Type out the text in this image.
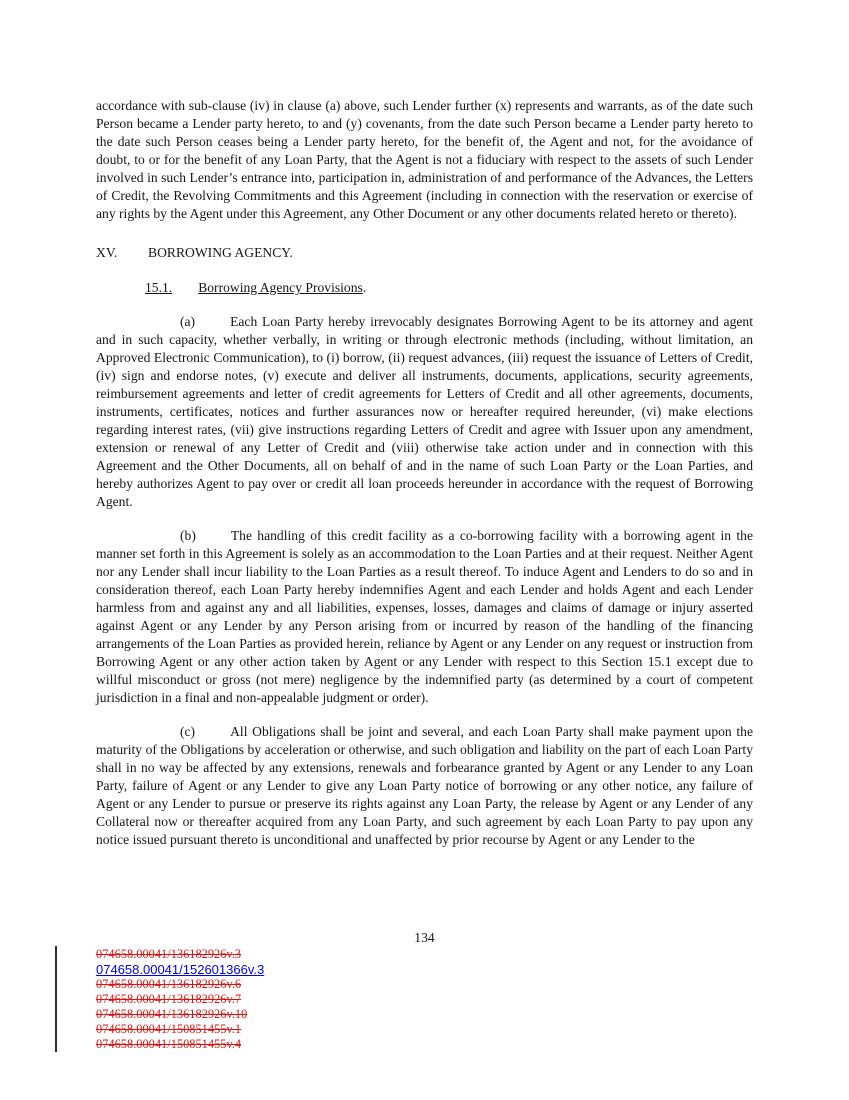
accordance with sub-clause (iv) in clause (a) above, such Lender further (x) represents and warrants, as of the date such Person became a Lender party hereto, to and (y) covenants, from the date such Person became a Lender party hereto to the date such Person ceases being a Lender party hereto, for the benefit of, the Agent and not, for the avoidance of doubt, to or for the benefit of any Loan Party, that the Agent is not a fiduciary with respect to the assets of such Lender involved in such Lender’s entrance into, participation in, administration of and performance of the Advances, the Letters of Credit, the Revolving Commitments and this Agreement (including in connection with the reservation or exercise of any rights by the Agent under this Agreement, any Other Document or any other documents related hereto or thereto).

XV. BORROWING AGENCY.

15.1. Borrowing Agency Provisions.

(a)	Each Loan Party hereby irrevocably designates Borrowing Agent to be its attorney and agent and in such capacity, whether verbally, in writing or through electronic methods (including, without limitation, an Approved Electronic Communication), to (i) borrow, (ii) request advances, (iii) request the issuance of Letters of Credit, (iv) sign and endorse notes, (v) execute and deliver all instruments, documents, applications, security agreements, reimbursement agreements and letter of credit agreements for Letters of Credit and all other agreements, documents, instruments, certificates, notices and further assurances now or hereafter required hereunder, (vi) make elections regarding interest rates, (vii) give instructions regarding Letters of Credit and agree with Issuer upon any amendment, extension or renewal of any Letter of Credit and (viii) otherwise take action under and in connection with this Agreement and the Other Documents, all on behalf of and in the name of such Loan Party or the Loan Parties, and hereby authorizes Agent to pay over or credit all loan proceeds hereunder in accordance with the request of Borrowing Agent.

(b)	The handling of this credit facility as a co-borrowing facility with a borrowing agent in the manner set forth in this Agreement is solely as an accommodation to the Loan Parties and at their request. Neither Agent nor any Lender shall incur liability to the Loan Parties as a result thereof. To induce Agent and Lenders to do so and in consideration thereof, each Loan Party hereby indemnifies Agent and each Lender and holds Agent and each Lender harmless from and against any and all liabilities, expenses, losses, damages and claims of damage or injury asserted against Agent or any Lender by any Person arising from or incurred by reason of the handling of the financing arrangements of the Loan Parties as provided herein, reliance by Agent or any Lender on any request or instruction from Borrowing Agent or any other action taken by Agent or any Lender with respect to this Section 15.1 except due to willful misconduct or gross (not mere) negligence by the indemnified party (as determined by a court of competent jurisdiction in a final and non-appealable judgment or order).

(c)	All Obligations shall be joint and several, and each Loan Party shall make payment upon the maturity of the Obligations by acceleration or otherwise, and such obligation and liability on the part of each Loan Party shall in no way be affected by any extensions, renewals and forbearance granted by Agent or any Lender to any Loan Party, failure of Agent or any Lender to give any Loan Party notice of borrowing or any other notice, any failure of Agent or any Lender to pursue or preserve its rights against any Loan Party, the release by Agent or any Lender of any Collateral now or thereafter acquired from any Loan Party, and such agreement by each Loan Party to pay upon any notice issued pursuant thereto is unconditional and unaffected by prior recourse by Agent or any Lender to the

134
074658.00041/136182926v.3
074658.00041/152601366v.3
074658.00041/136182926v.6
074658.00041/136182926v.7
074658.00041/136182926v.10
074658.00041/150851455v.1
074658.00041/150851455v.4
